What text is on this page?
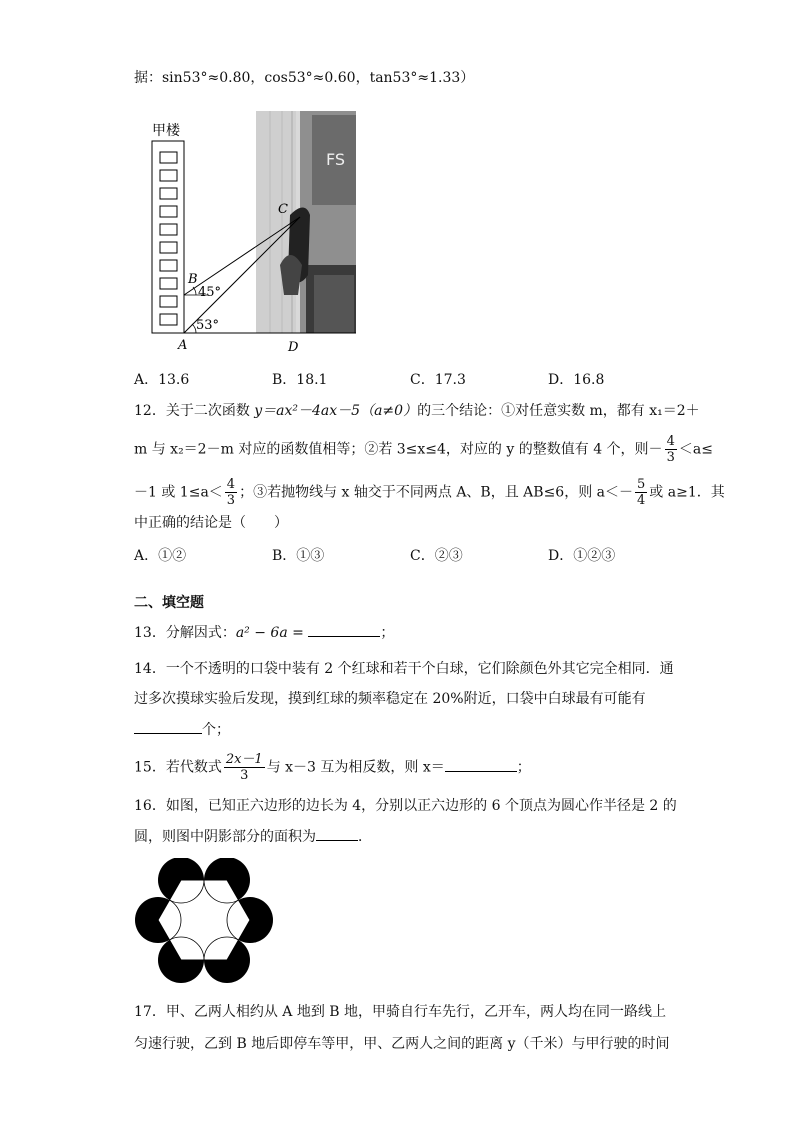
据：sin53°≈0.80，cos53°≈0.60，tan53°≈1.33）
甲楼
B
45°
53°
A
C
D
FS
A．13.6	B．18.1	C．17.3	D．16.8
12．关于二次函数 y＝ax²－4ax－5（a≠0）的三个结论：①对任意实数 m，都有 x₁＝2＋
m 与 x₂＝2－m 对应的函数值相等；②若 3≤x≤4，对应的 y 的整数值有 4 个，则－ $\frac{4}{3} <a\le$
－1 或 $1\le a< \frac{4}{3}$ ；③若抛物线与 x 轴交于不同两点 A、B，且 AB≤6，则 $a<- \frac{5}{4}$ 或 a≥1．其
中正确的结论是（　　）
A．①②	B．①③	C．②③	D．①②③
二、填空题
13．分解因式：a² − 6a =	；
14．一个不透明的口袋中装有 2 个红球和若干个白球，它们除颜色外其它完全相同．通
过多次摸球实验后发现，摸到红球的频率稳定在 20%附近，口袋中白球最有可能有
个；
15．若代数式 $\frac{2x-1}{3}$ 与 x－3 互为相反数，则 x＝	；
16．如图，已知正六边形的边长为 4，分别以正六边形的 6 个顶点为圆心作半径是 2 的
圆，则图中阴影部分的面积为	．
17．甲、乙两人相约从 A 地到 B 地，甲骑自行车先行，乙开车，两人均在同一路线上
匀速行驶，乙到 B 地后即停车等甲，甲、乙两人之间的距离 y（千米）与甲行驶的时间
